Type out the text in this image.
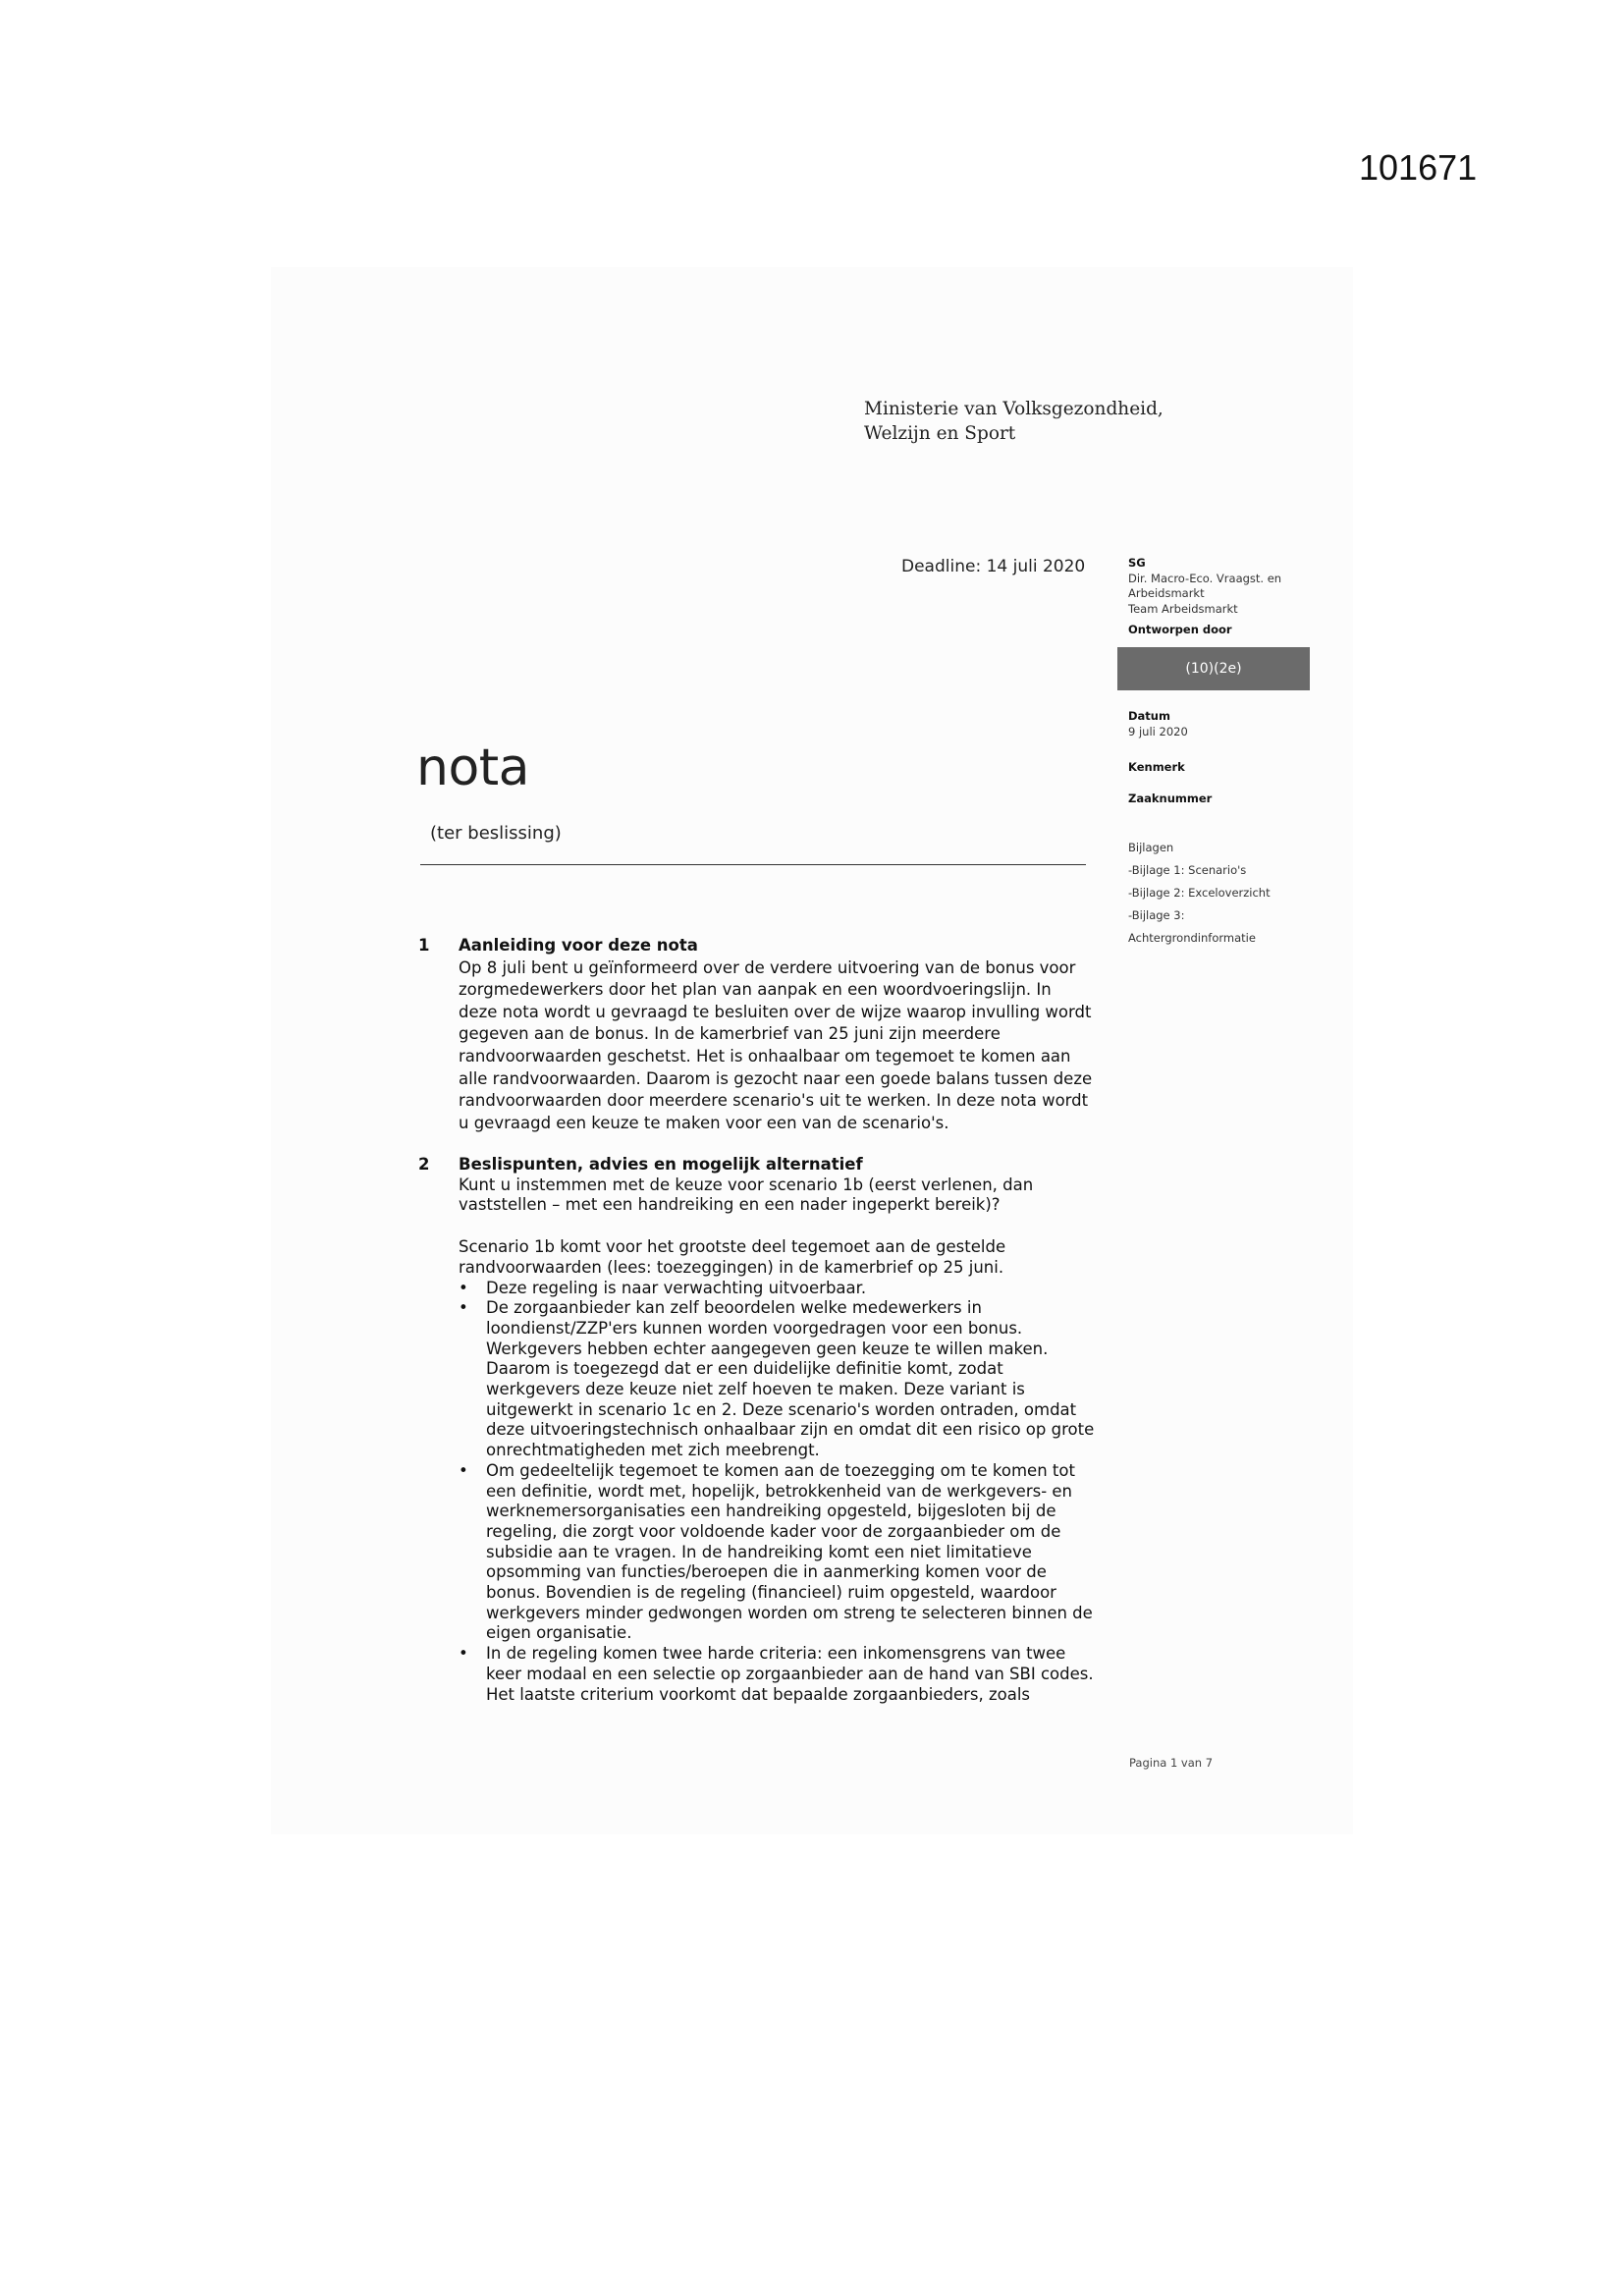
101671
Ministerie van Volksgezondheid,
Welzijn en Sport
Deadline: 14 juli 2020	SG
Dir. Macro-Eco. Vraagst. en
Arbeidsmarkt
Team Arbeidsmarkt
Ontworpen door
(10)(2e)
Datum
9 juli 2020
Kenmerk
Zaaknummer
Bijlagen
-Bijlage 1: Scenario's
-Bijlage 2: Exceloverzicht
-Bijlage 3:
Achtergrondinformatie
nota
(ter beslissing)
1 Aanleiding voor deze nota
Op 8 juli bent u geïnformeerd over de verdere uitvoering van de bonus voor
zorgmedewerkers door het plan van aanpak en een woordvoeringslijn. In
deze nota wordt u gevraagd te besluiten over de wijze waarop invulling wordt
gegeven aan de bonus. In de kamerbrief van 25 juni zijn meerdere
randvoorwaarden geschetst. Het is onhaalbaar om tegemoet te komen aan
alle randvoorwaarden. Daarom is gezocht naar een goede balans tussen deze
randvoorwaarden door meerdere scenario's uit te werken. In deze nota wordt
u gevraagd een keuze te maken voor een van de scenario's.
2 Beslispunten, advies en mogelijk alternatief
Kunt u instemmen met de keuze voor scenario 1b (eerst verlenen, dan
vaststellen – met een handreiking en een nader ingeperkt bereik)?
Scenario 1b komt voor het grootste deel tegemoet aan de gestelde
randvoorwaarden (lees: toezeggingen) in de kamerbrief op 25 juni.
• Deze regeling is naar verwachting uitvoerbaar.
• De zorgaanbieder kan zelf beoordelen welke medewerkers in
loondienst/ZZP'ers kunnen worden voorgedragen voor een bonus.
Werkgevers hebben echter aangegeven geen keuze te willen maken.
Daarom is toegezegd dat er een duidelijke definitie komt, zodat
werkgevers deze keuze niet zelf hoeven te maken. Deze variant is
uitgewerkt in scenario 1c en 2. Deze scenario's worden ontraden, omdat
deze uitvoeringstechnisch onhaalbaar zijn en omdat dit een risico op grote
onrechtmatigheden met zich meebrengt.
• Om gedeeltelijk tegemoet te komen aan de toezegging om te komen tot
een definitie, wordt met, hopelijk, betrokkenheid van de werkgevers- en
werknemersorganisaties een handreiking opgesteld, bijgesloten bij de
regeling, die zorgt voor voldoende kader voor de zorgaanbieder om de
subsidie aan te vragen. In de handreiking komt een niet limitatieve
opsomming van functies/beroepen die in aanmerking komen voor de
bonus. Bovendien is de regeling (financieel) ruim opgesteld, waardoor
werkgevers minder gedwongen worden om streng te selecteren binnen de
eigen organisatie.
• In de regeling komen twee harde criteria: een inkomensgrens van twee
keer modaal en een selectie op zorgaanbieder aan de hand van SBI codes.
Het laatste criterium voorkomt dat bepaalde zorgaanbieders, zoals
Pagina 1 van 7
